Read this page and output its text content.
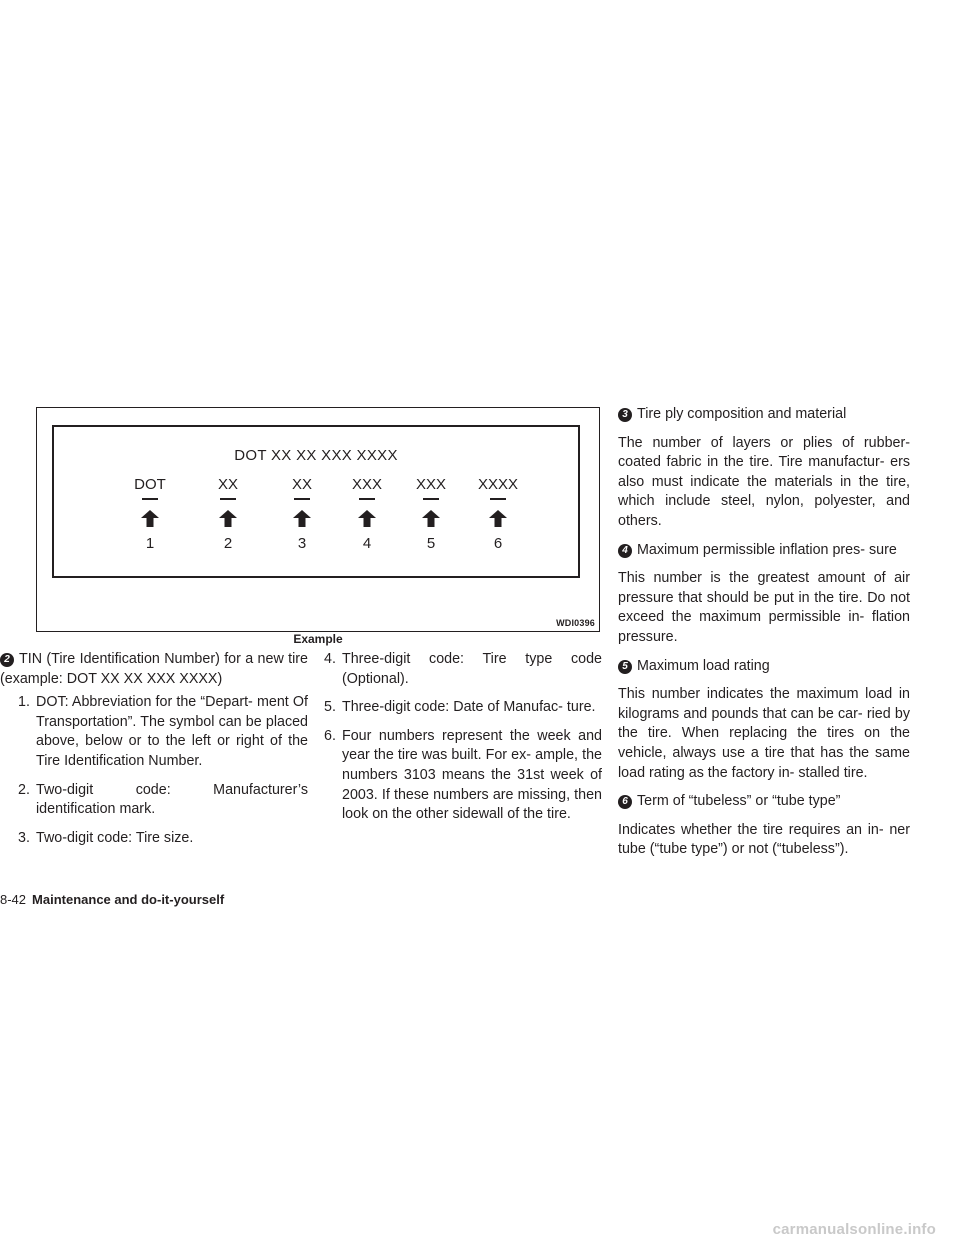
DOT XX XX XXX XXXX
DOT
1
XX
2
XX
3
XXX
4
XXX
5
XXXX
6
WDI0396
Example

2 TIN (Tire Identification Number) for a new tire (example: DOT XX XX XXX XXXX)

1. DOT: Abbreviation for the “Depart- ment Of Transportation”. The symbol can be placed above, below or to the left or right of the Tire Identification Number.
2. Two-digit code: Manufacturer’s identification mark.
3. Two-digit code: Tire size.
4. Three-digit code: Tire type code (Optional).
5. Three-digit code: Date of Manufac- ture.
6. Four numbers represent the week and year the tire was built. For ex- ample, the numbers 3103 means the 31st week of 2003. If these numbers are missing, then look on the other sidewall of the tire.

3 Tire ply composition and material

The number of layers or plies of rubber- coated fabric in the tire. Tire manufactur- ers also must indicate the materials in the tire, which include steel, nylon, polyester, and others.

4 Maximum permissible inflation pres- sure

This number is the greatest amount of air pressure that should be put in the tire. Do not exceed the maximum permissible in- flation pressure.

5 Maximum load rating

This number indicates the maximum load in kilograms and pounds that can be car- ried by the tire. When replacing the tires on the vehicle, always use a tire that has the same load rating as the factory in- stalled tire.

6 Term of “tubeless” or “tube type”

Indicates whether the tire requires an in- ner tube (“tube type”) or not (“tubeless”).

8-42 Maintenance and do-it-yourself
carmanualsonline.info
